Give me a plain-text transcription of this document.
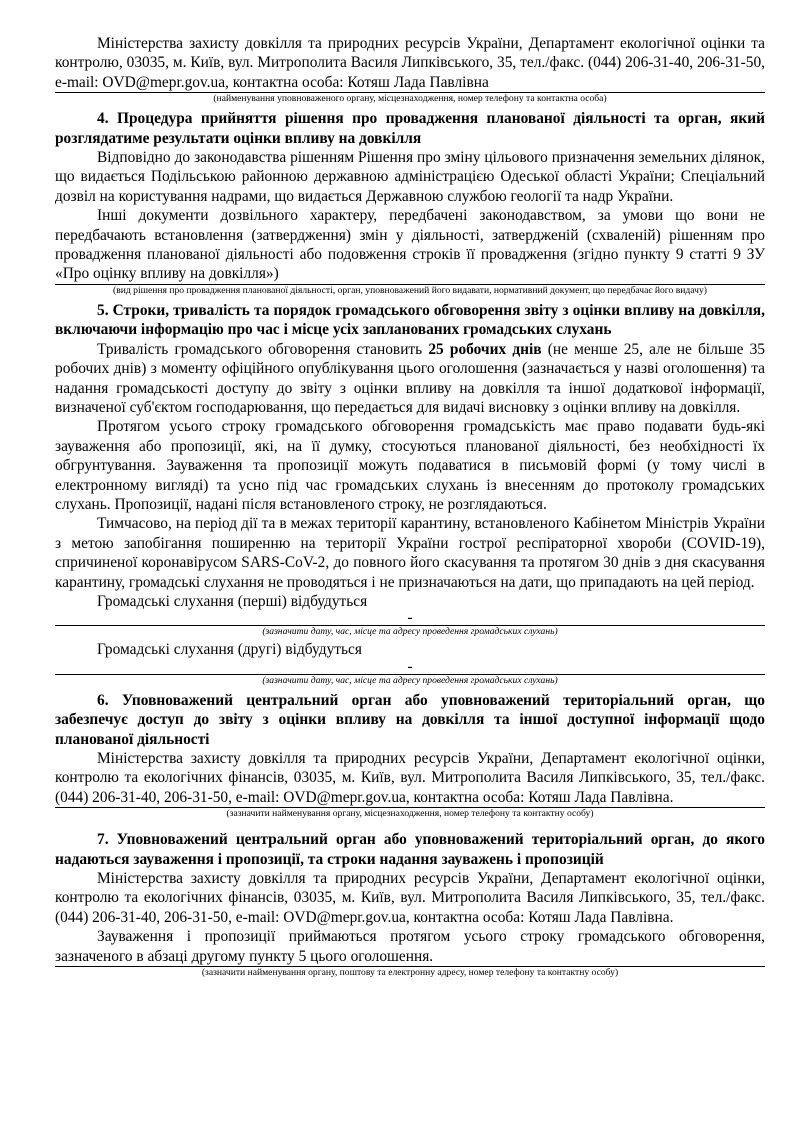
Міністерства захисту довкілля та природних ресурсів України, Департамент екологічної оцінки та контролю, 03035, м. Київ, вул. Митрополита Василя Липківського, 35, тел./факс. (044) 206-31-40, 206-31-50, e-mail: OVD@mepr.gov.ua, контактна особа: Котяш Лада Павлівна

(найменування уповноваженого органу, місцезнаходження, номер телефону та контактна особа)

4. Процедура прийняття рішення про провадження планованої діяльності та орган, який розглядатиме результати оцінки впливу на довкілля

Відповідно до законодавства рішенням Рішення про зміну цільового призначення земельних ділянок, що видається Подільською районною державною адміністрацією Одеської області України; Спеціальний дозвіл на користування надрами, що видається Державною службою геології та надр України.

Інші документи дозвільного характеру, передбачені законодавством, за умови що вони не передбачають встановлення (затвердження) змін у діяльності, затвердженій (схваленій) рішенням про провадження планованої діяльності або подовження строків її провадження (згідно пункту 9 статті 9 ЗУ «Про оцінку впливу на довкілля»)

(вид рішення про провадження планованої діяльності, орган, уповноважений його видавати, нормативний документ, що передбачає його видачу)

5. Строки, тривалість та порядок громадського обговорення звіту з оцінки впливу на довкілля, включаючи інформацію про час і місце усіх запланованих громадських слухань

Тривалість громадського обговорення становить 25 робочих днів (не менше 25, але не більше 35 робочих днів) з моменту офіційного опублікування цього оголошення (зазначається у назві оголошення) та надання громадськості доступу до звіту з оцінки впливу на довкілля та іншої додаткової інформації, визначеної суб'єктом господарювання, що передається для видачі висновку з оцінки впливу на довкілля.

Протягом усього строку громадського обговорення громадськість має право подавати будь-які зауваження або пропозиції, які, на її думку, стосуються планованої діяльності, без необхідності їх обгрунтування. Зауваження та пропозиції можуть подаватися в письмовій формі (у тому числі в електронному вигляді) та усно під час громадських слухань із внесенням до протоколу громадських слухань. Пропозиції, надані після встановленого строку, не розглядаються.

Тимчасово, на період дії та в межах території карантину, встановленого Кабінетом Міністрів України з метою запобігання поширенню на території України гострої респіраторної хвороби (COVID-19), спричиненої коронавірусом SARS-CoV-2, до повного його скасування та протягом 30 днів з дня скасування карантину, громадські слухання не проводяться і не призначаються на дати, що припадають на цей період.

Громадські слухання (перші) відбудуться

-
(зазначити дату, час, місце та адресу проведення громадських слухань)

Громадські слухання (другі) відбудуться

-
(зазначити дату, час, місце та адресу проведення громадських слухань)

6. Уповноважений центральний орган або уповноважений територіальний орган, що забезпечує доступ до звіту з оцінки впливу на довкілля та іншої доступної інформації щодо планованої діяльності

Міністерства захисту довкілля та природних ресурсів України, Департамент екологічної оцінки, контролю та екологічних фінансів, 03035, м. Київ, вул. Митрополита Василя Липківського, 35, тел./факс. (044) 206-31-40, 206-31-50, e-mail: OVD@mepr.gov.ua, контактна особа: Котяш Лада Павлівна.

(зазначити найменування органу, місцезнаходження, номер телефону та контактну особу)

7. Уповноважений центральний орган або уповноважений територіальний орган, до якого надаються зауваження і пропозиції, та строки надання зауважень і пропозицій

Міністерства захисту довкілля та природних ресурсів України, Департамент екологічної оцінки, контролю та екологічних фінансів, 03035, м. Київ, вул. Митрополита Василя Липківського, 35, тел./факс. (044) 206-31-40, 206-31-50, e-mail: OVD@mepr.gov.ua, контактна особа: Котяш Лада Павлівна.

Зауваження і пропозиції приймаються протягом усього строку громадського обговорення, зазначеного в абзаці другому пункту 5 цього оголошення.

(зазначити найменування органу, поштову та електронну адресу, номер телефону та контактну особу)
